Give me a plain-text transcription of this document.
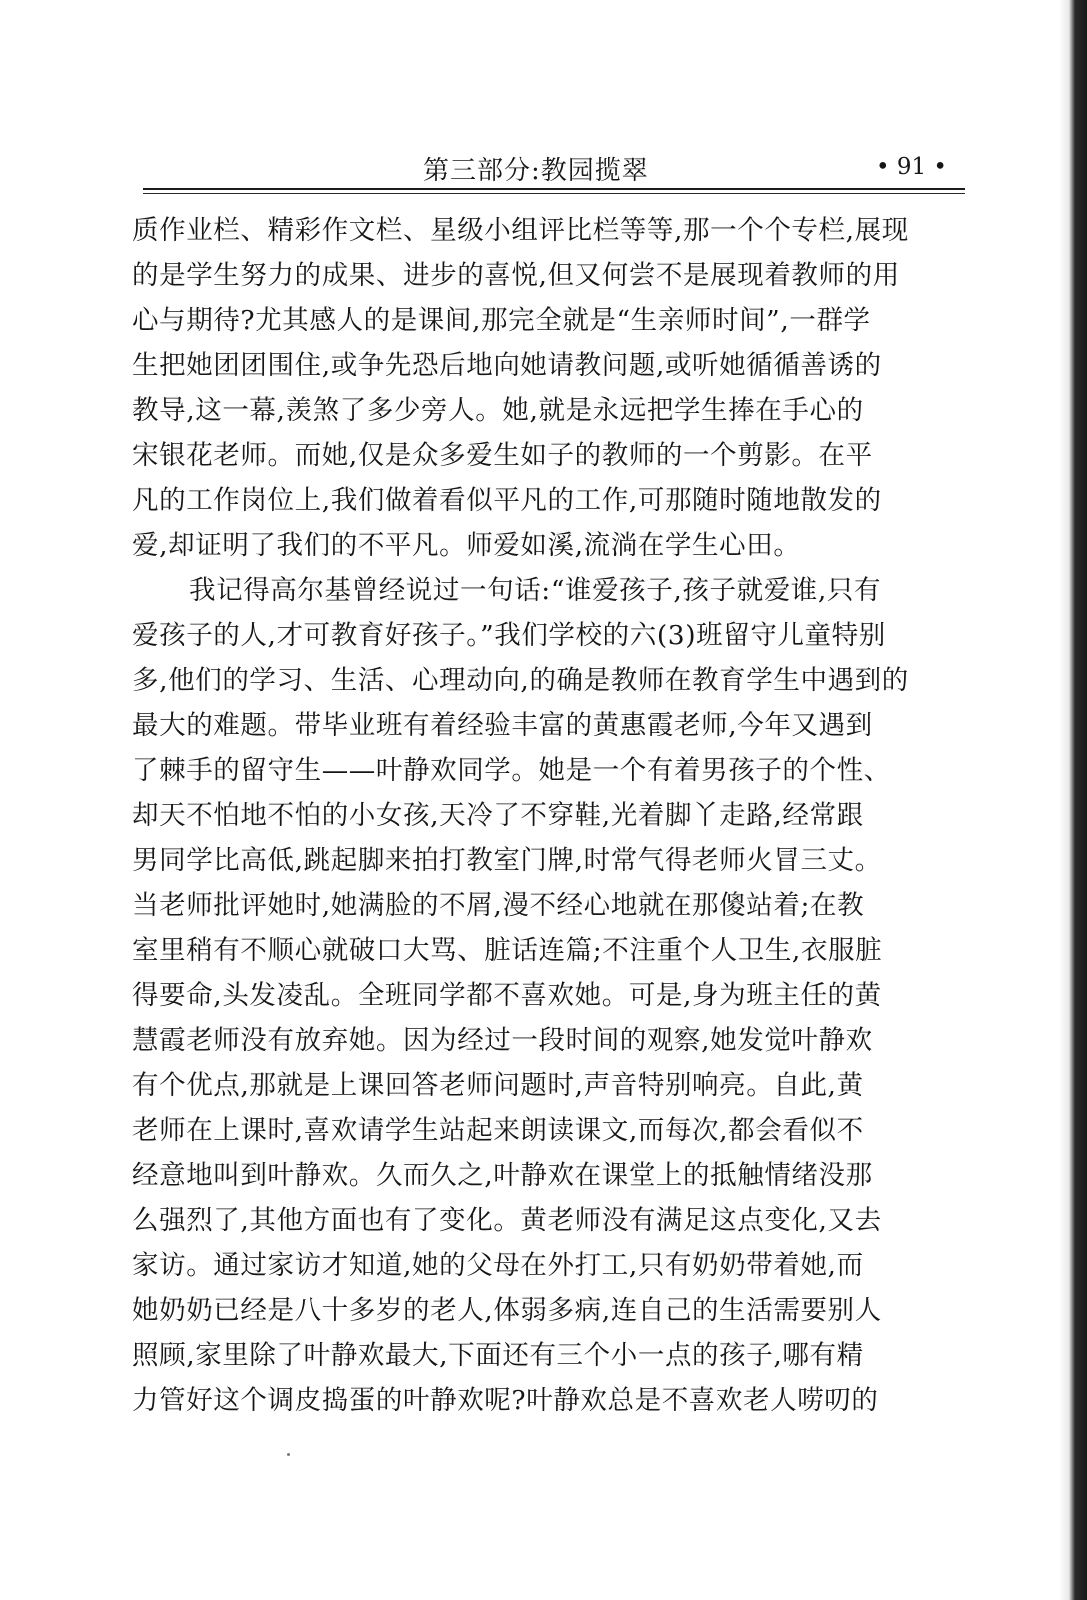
第三部分:教园揽翠	• 91 •
质作业栏、精彩作文栏、星级小组评比栏等等,那一个个专栏,展现
的是学生努力的成果、进步的喜悦,但又何尝不是展现着教师的用
心与期待?尤其感人的是课间,那完全就是“生亲师时间”,一群学
生把她团团围住,或争先恐后地向她请教问题,或听她循循善诱的
教导,这一幕,羡煞了多少旁人。她,就是永远把学生捧在手心的
宋银花老师。而她,仅是众多爱生如子的教师的一个剪影。在平
凡的工作岗位上,我们做着看似平凡的工作,可那随时随地散发的
爱,却证明了我们的不平凡。师爱如溪,流淌在学生心田。
我记得高尔基曾经说过一句话:“谁爱孩子,孩子就爱谁,只有
爱孩子的人,才可教育好孩子。”我们学校的六(3)班留守儿童特别
多,他们的学习、生活、心理动向,的确是教师在教育学生中遇到的
最大的难题。带毕业班有着经验丰富的黄惠霞老师,今年又遇到
了棘手的留守生——叶静欢同学。她是一个有着男孩子的个性、
却天不怕地不怕的小女孩,天冷了不穿鞋,光着脚丫走路,经常跟
男同学比高低,跳起脚来拍打教室门牌,时常气得老师火冒三丈。
当老师批评她时,她满脸的不屑,漫不经心地就在那傻站着;在教
室里稍有不顺心就破口大骂、脏话连篇;不注重个人卫生,衣服脏
得要命,头发凌乱。全班同学都不喜欢她。可是,身为班主任的黄
慧霞老师没有放弃她。因为经过一段时间的观察,她发觉叶静欢
有个优点,那就是上课回答老师问题时,声音特别响亮。自此,黄
老师在上课时,喜欢请学生站起来朗读课文,而每次,都会看似不
经意地叫到叶静欢。久而久之,叶静欢在课堂上的抵触情绪没那
么强烈了,其他方面也有了变化。黄老师没有满足这点变化,又去
家访。通过家访才知道,她的父母在外打工,只有奶奶带着她,而
她奶奶已经是八十多岁的老人,体弱多病,连自己的生活需要别人
照顾,家里除了叶静欢最大,下面还有三个小一点的孩子,哪有精
力管好这个调皮捣蛋的叶静欢呢?叶静欢总是不喜欢老人唠叨的
